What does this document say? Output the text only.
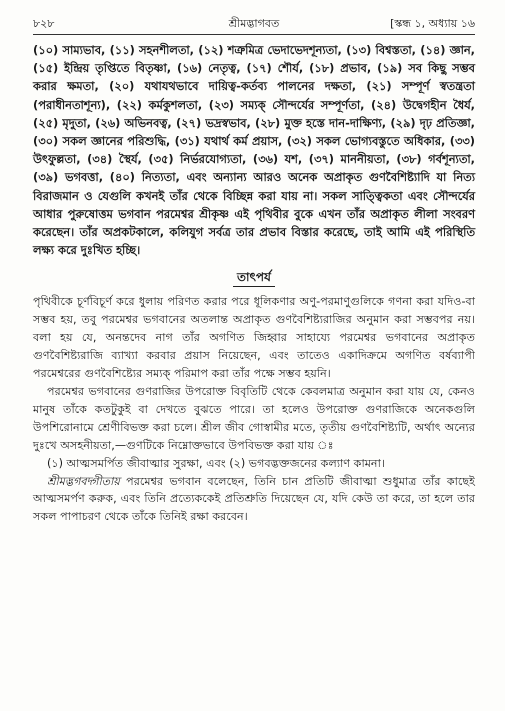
৮২৮	শ্রীমদ্ভাগবত	[স্কন্ধ ১, অধ্যায় ১৬

(১০) সাম্যভাব, (১১) সহনশীলতা, (১২) শত্রুমিত্র ভেদাভেদশূন্যতা, (১৩) বিশ্বস্ততা, (১৪) জ্ঞান, (১৫) ইন্দ্রিয় তৃপ্তিতে বিতৃষ্ণা, (১৬) নেতৃত্ব, (১৭) শৌর্য, (১৮) প্রভাব, (১৯) সব কিছু সম্ভব করার ক্ষমতা, (২০) যথাযথভাবে দায়িত্ব-কর্তব্য পালনের দক্ষতা, (২১) সম্পূর্ণ স্বতন্ত্রতা (পরাধীনতাশূন্য), (২২) কর্মকুশলতা, (২৩) সম্যক্ সৌন্দর্যের সম্পূর্ণতা, (২৪) উদ্বেগহীন ধৈর্য, (২৫) মৃদুতা, (২৬) অভিনবত্ব, (২৭) ভদ্রস্বভাব, (২৮) মুক্ত হস্তে দান-দাক্ষিণ্য, (২৯) দৃঢ় প্রতিজ্ঞা, (৩০) সকল জ্ঞানের পরিশুদ্ধি, (৩১) যথার্থ কর্ম প্রয়াস, (৩২) সকল ভোগ্যবস্তুতে অধিকার, (৩৩) উৎফুল্লতা, (৩৪) স্থৈর্য, (৩৫) নির্ভরযোগ্যতা, (৩৬) যশ, (৩৭) মাননীয়তা, (৩৮) গর্বশূন্যতা, (৩৯) ভগবত্তা, (৪০) নিত্যতা, এবং অন্যান্য আরও অনেক অপ্রাকৃত গুণবৈশিষ্ট্যাদি যা নিত্য বিরাজমান ও যেগুলি কখনই তাঁর থেকে বিচ্ছিন্ন করা যায় না। সকল সাত্ত্বিকতা এবং সৌন্দর্যের আধার পুরুষোত্তম ভগবান পরমেশ্বর শ্রীকৃষ্ণ এই পৃথিবীর বুকে এখন তাঁর অপ্রাকৃত লীলা সংবরণ করেছেন। তাঁর অপ্রকটকালে, কলিযুগ সর্বত্র তার প্রভাব বিস্তার করেছে, তাই আমি এই পরিস্থিতি লক্ষ্য করে দুঃখিত হচ্ছি।

তাৎপর্য

পৃথিবীকে চূর্ণবিচূর্ণ করে ধুলায় পরিণত করার পরে ধূলিকণার অণু-পরমাণুগুলিকে গণনা করা যদিও-বা সম্ভব হয়, তবু পরমেশ্বর ভগবানের অতলান্ত অপ্রাকৃত গুণবৈশিষ্ট্যরাজির অনুমান করা সম্ভবপর নয়। বলা হয় যে, অনন্তদেব নাগ তাঁর অগণিত জিহ্বার সাহায্যে পরমেশ্বর ভগবানের অপ্রাকৃত গুণবৈশিষ্ট্যরাজি ব্যাখ্যা করবার প্রয়াস নিয়েছেন, এবং তাতেও একাদিক্রমে অগণিত বর্ষব্যাপী পরমেশ্বরের গুণবৈশিষ্ট্যের সম্যক্ পরিমাপ করা তাঁর পক্ষে সম্ভব হয়নি।

পরমেশ্বর ভগবানের গুণরাজির উপরোক্ত বিবৃতিটি থেকে কেবলমাত্র অনুমান করা যায় যে, কেনও মানুষ তাঁকে কতটুকুই বা দেখতে বুঝতে পারে। তা হলেও উপরোক্ত গুণরাজিকে অনেকগুলি উপশিরোনামে শ্রেণীবিভক্ত করা চলে। শ্রীল জীব গোস্বামীর মতে, তৃতীয় গুণবৈশিষ্ট্যটি, অর্থাৎ অন্যের দুঃখে অসহনীয়তা,—গুণটিকে নিম্নোক্তভাবে উপবিভক্ত করা যায় ঃ

(১) আত্মসমর্পিত জীবাত্মার সুরক্ষা, এবং (২) ভগবদ্ভক্তজনের কল্যাণ কামনা।

শ্রীমদ্ভগবদ্গীতায় পরমেশ্বর ভগবান বলেছেন, তিনি চান প্রতিটি জীবাত্মা শুধুমাত্র তাঁর কাছেই আত্মসমর্পণ করুক, এবং তিনি প্রত্যেককেই প্রতিশ্রুতি দিয়েছেন যে, যদি কেউ তা করে, তা হলে তার সকল পাপাচরণ থেকে তাঁকে তিনিই রক্ষা করবেন।
